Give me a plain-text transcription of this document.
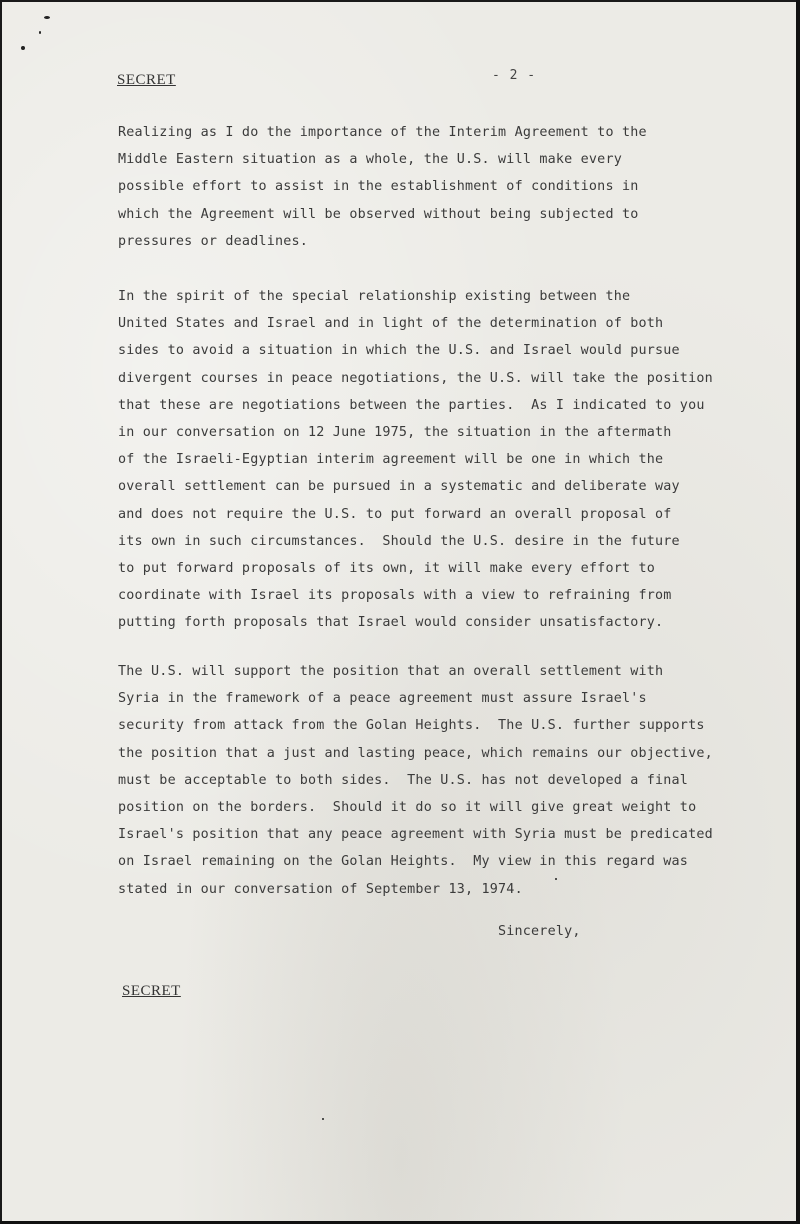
SECRET	- 2 -

Realizing as I do the importance of the Interim Agreement to the
Middle Eastern situation as a whole, the U.S. will make every
possible effort to assist in the establishment of conditions in
which the Agreement will be observed without being subjected to
pressures or deadlines.

In the spirit of the special relationship existing between the
United States and Israel and in light of the determination of both
sides to avoid a situation in which the U.S. and Israel would pursue
divergent courses in peace negotiations, the U.S. will take the position
that these are negotiations between the parties.  As I indicated to you
in our conversation on 12 June 1975, the situation in the aftermath
of the Israeli-Egyptian interim agreement will be one in which the
overall settlement can be pursued in a systematic and deliberate way
and does not require the U.S. to put forward an overall proposal of
its own in such circumstances.  Should the U.S. desire in the future
to put forward proposals of its own, it will make every effort to
coordinate with Israel its proposals with a view to refraining from
putting forth proposals that Israel would consider unsatisfactory.

The U.S. will support the position that an overall settlement with
Syria in the framework of a peace agreement must assure Israel's
security from attack from the Golan Heights.  The U.S. further supports
the position that a just and lasting peace, which remains our objective,
must be acceptable to both sides.  The U.S. has not developed a final
position on the borders.  Should it do so it will give great weight to
Israel's position that any peace agreement with Syria must be predicated
on Israel remaining on the Golan Heights.  My view in this regard was
stated in our conversation of September 13, 1974.

Sincerely,
SECRET
